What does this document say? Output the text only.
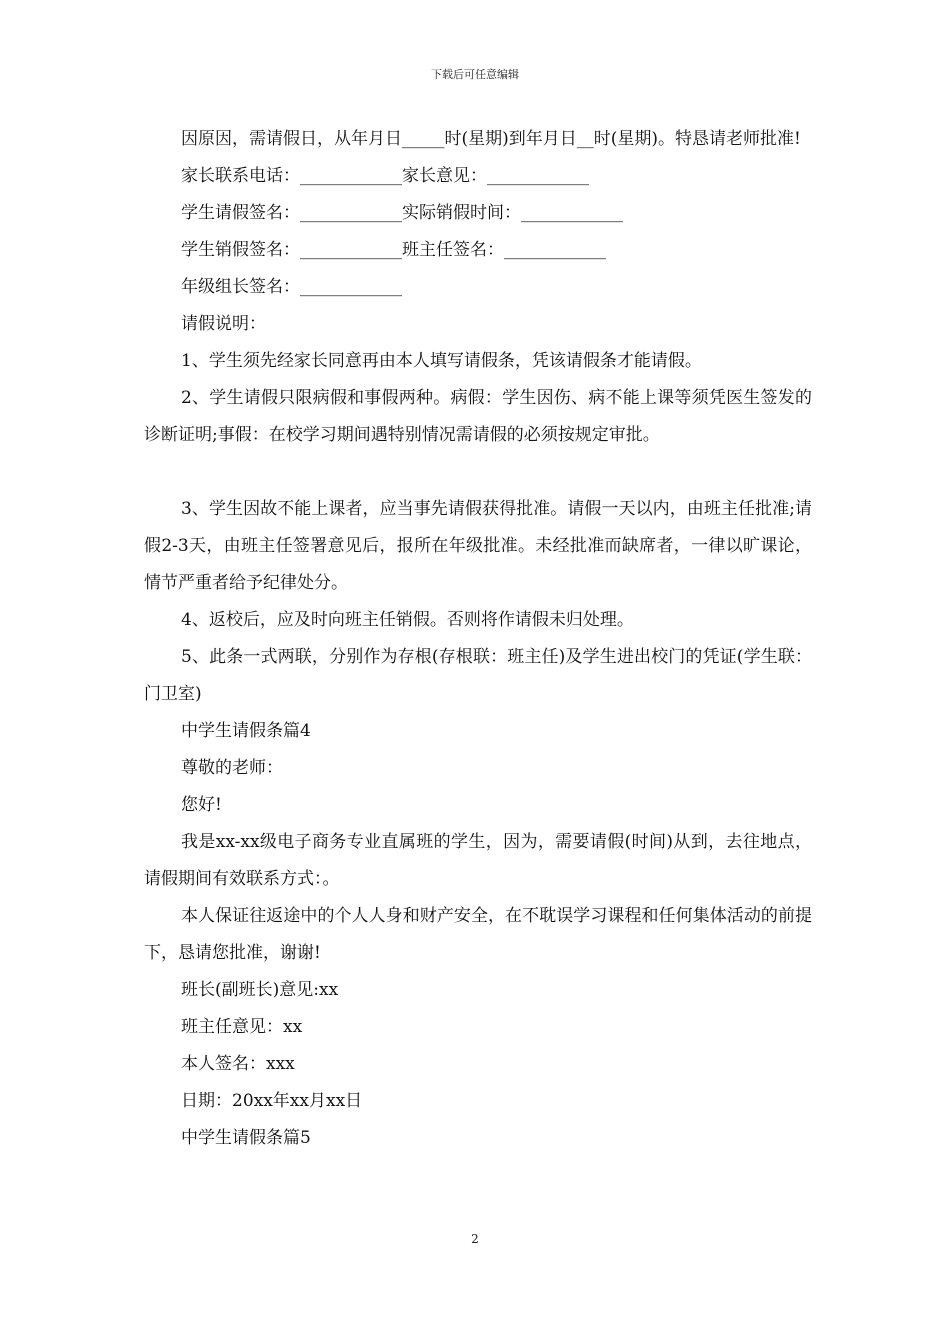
下载后可任意编辑

因原因，需请假日，从年月日_____时(星期)到年月日__时(星期)。特恳请老师批准!

家长联系电话：____________家长意见：____________

学生请假签名：____________实际销假时间：____________

学生销假签名：____________班主任签名：____________

年级组长签名：____________

请假说明：

1、学生须先经家长同意再由本人填写请假条，凭该请假条才能请假。

2、学生请假只限病假和事假两种。病假：学生因伤、病不能上课等须凭医生签发的诊断证明;事假：在校学习期间遇特别情况需请假的必须按规定审批。

3、学生因故不能上课者，应当事先请假获得批准。请假一天以内，由班主任批准;请假2-3天，由班主任签署意见后，报所在年级批准。未经批准而缺席者，一律以旷课论，情节严重者给予纪律处分。

4、返校后，应及时向班主任销假。否则将作请假未归处理。

5、此条一式两联，分别作为存根(存根联：班主任)及学生进出校门的凭证(学生联：门卫室)

中学生请假条篇4

尊敬的老师：

您好!

我是xx-xx级电子商务专业直属班的学生，因为，需要请假(时间)从到，去往地点，请假期间有效联系方式：。

本人保证往返途中的个人人身和财产安全，在不耽误学习课程和任何集体活动的前提下，恳请您批准，谢谢!

班长(副班长)意见:xx

班主任意见：xx

本人签名：xxx

日期：20xx年xx月xx日

中学生请假条篇5

2
